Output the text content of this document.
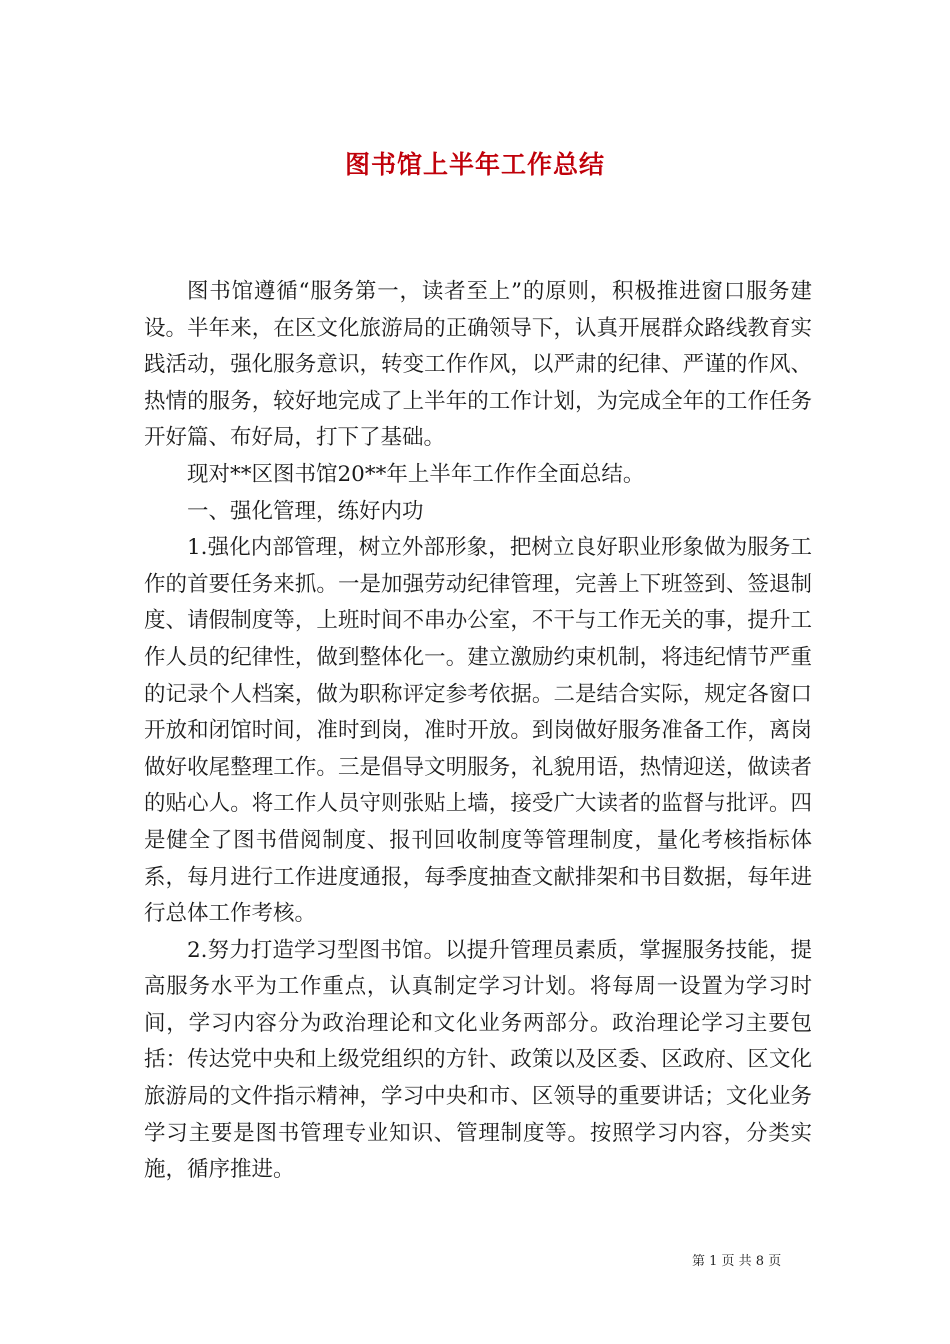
图书馆上半年工作总结

图书馆遵循“服务第一，读者至上”的原则，积极推进窗口服务建设。半年来，在区文化旅游局的正确领导下，认真开展群众路线教育实践活动，强化服务意识，转变工作作风，以严肃的纪律、严谨的作风、热情的服务，较好地完成了上半年的工作计划，为完成全年的工作任务开好篇、布好局，打下了基础。

现对**区图书馆20**年上半年工作作全面总结。

一、强化管理，练好内功

1.强化内部管理，树立外部形象，把树立良好职业形象做为服务工作的首要任务来抓。一是加强劳动纪律管理，完善上下班签到、签退制度、请假制度等，上班时间不串办公室，不干与工作无关的事，提升工作人员的纪律性，做到整体化一。建立激励约束机制，将违纪情节严重的记录个人档案，做为职称评定参考依据。二是结合实际，规定各窗口开放和闭馆时间，准时到岗，准时开放。到岗做好服务准备工作，离岗做好收尾整理工作。三是倡导文明服务，礼貌用语，热情迎送，做读者的贴心人。将工作人员守则张贴上墙，接受广大读者的监督与批评。四是健全了图书借阅制度、报刊回收制度等管理制度，量化考核指标体系，每月进行工作进度通报，每季度抽查文献排架和书目数据，每年进行总体工作考核。

2.努力打造学习型图书馆。以提升管理员素质，掌握服务技能，提高服务水平为工作重点，认真制定学习计划。将每周一设置为学习时间，学习内容分为政治理论和文化业务两部分。政治理论学习主要包括：传达党中央和上级党组织的方针、政策以及区委、区政府、区文化旅游局的文件指示精神，学习中央和市、区领导的重要讲话；文化业务学习主要是图书管理专业知识、管理制度等。按照学习内容，分类实施，循序推进。

第 1 页 共 8 页
